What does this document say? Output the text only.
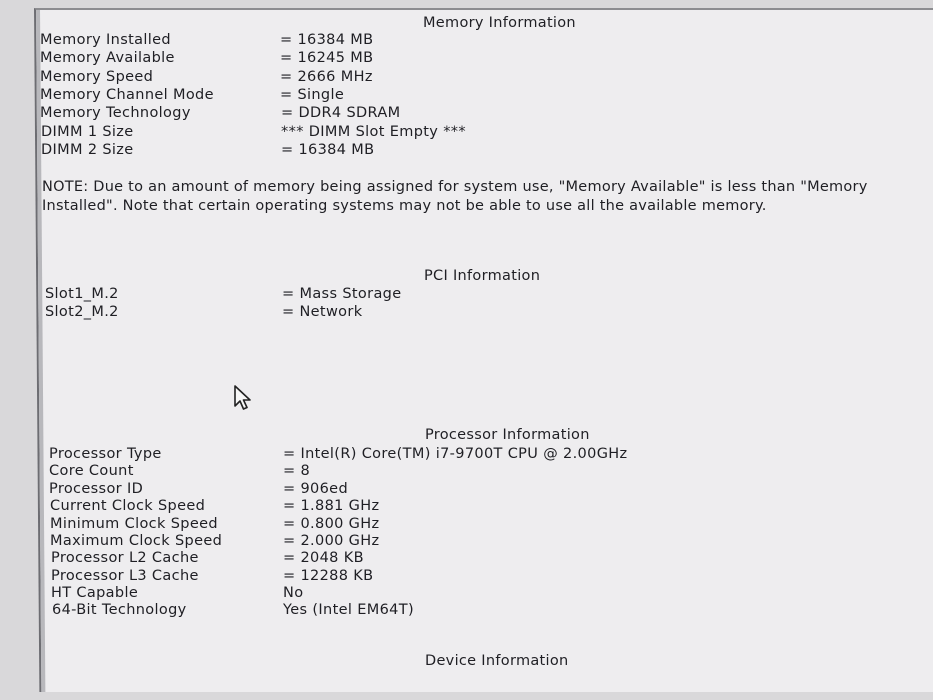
Memory Information
Memory Installed	= 16384 MB
Memory Available	= 16245 MB
Memory Speed	= 2666 MHz
Memory Channel Mode	= Single
Memory Technology	= DDR4 SDRAM
DIMM 1 Size	*** DIMM Slot Empty ***
DIMM 2 Size	= 16384 MB
NOTE: Due to an amount of memory being assigned for system use, "Memory Available" is less than "Memory Installed". Note that certain operating systems may not be able to use all the available memory.
PCI Information
Slot1_M.2	= Mass Storage
Slot2_M.2	= Network
Processor Information
Processor Type	= Intel(R) Core(TM) i7-9700T CPU @ 2.00GHz
Core Count	= 8
Processor ID	= 906ed
Current Clock Speed	= 1.881 GHz
Minimum Clock Speed	= 0.800 GHz
Maximum Clock Speed	= 2.000 GHz
Processor L2 Cache	= 2048 KB
Processor L3 Cache	= 12288 KB
HT Capable	No
64-Bit Technology	Yes (Intel EM64T)
Device Information
